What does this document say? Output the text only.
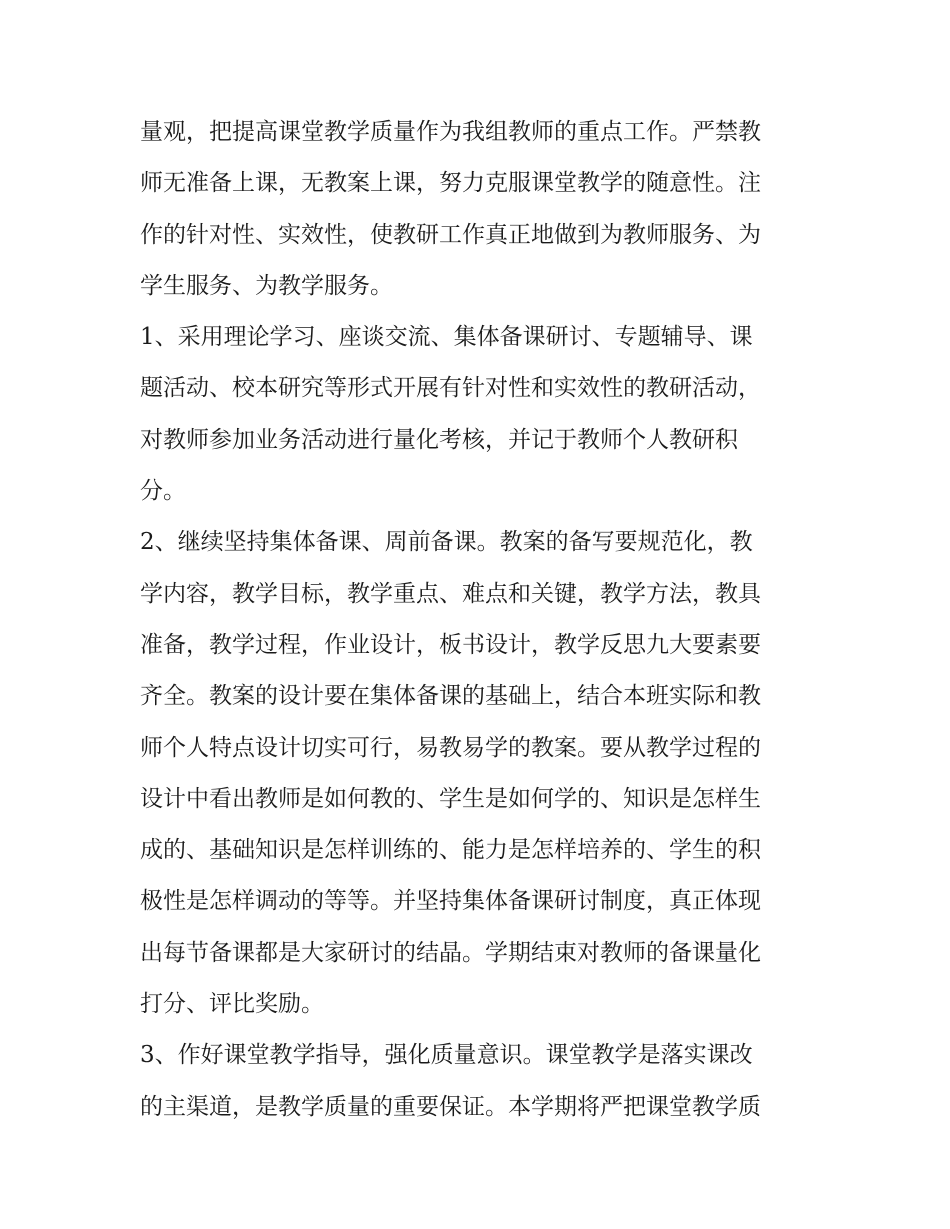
量观，把提高课堂教学质量作为我组教师的重点工作。严禁教
师无准备上课，无教案上课，努力克服课堂教学的随意性。注
作的针对性、实效性，使教研工作真正地做到为教师服务、为
学生服务、为教学服务。
1、采用理论学习、座谈交流、集体备课研讨、专题辅导、课
题活动、校本研究等形式开展有针对性和实效性的教研活动，
对教师参加业务活动进行量化考核，并记于教师个人教研积
分。
2、继续坚持集体备课、周前备课。教案的备写要规范化，教
学内容，教学目标，教学重点、难点和关键，教学方法，教具
准备，教学过程，作业设计，板书设计，教学反思九大要素要
齐全。教案的设计要在集体备课的基础上，结合本班实际和教
师个人特点设计切实可行，易教易学的教案。要从教学过程的
设计中看出教师是如何教的、学生是如何学的、知识是怎样生
成的、基础知识是怎样训练的、能力是怎样培养的、学生的积
极性是怎样调动的等等。并坚持集体备课研讨制度，真正体现
出每节备课都是大家研讨的结晶。学期结束对教师的备课量化
打分、评比奖励。
3、作好课堂教学指导，强化质量意识。课堂教学是落实课改
的主渠道，是教学质量的重要保证。本学期将严把课堂教学质
